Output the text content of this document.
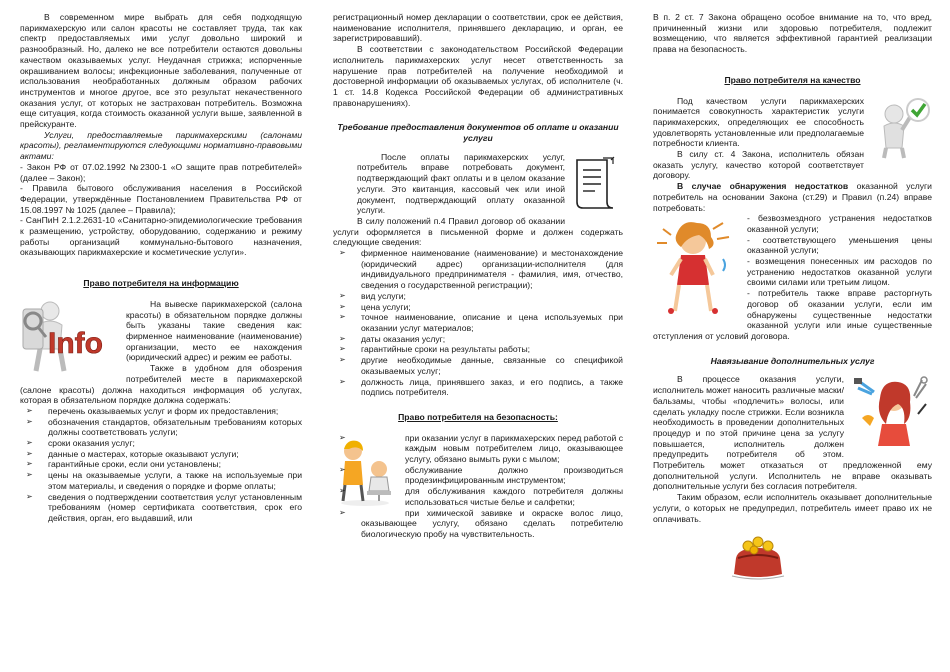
В современном мире выбрать для себя подходящую парикмахерскую или салон красоты не составляет труда, так как спектр предоставляемых ими услуг довольно широкий и разнообразный. Но, далеко не все потребители остаются довольны качеством оказываемых услуг. Неудачная стрижка; испорченные окрашиванием волосы; инфекционные заболевания, полученные от использования необработанных должным образом рабочих инструментов и многое другое, все это результат некачественного оказания услуг, от которых не застрахован потребитель. Возможна еще ситуация, когда стоимость оказанной услуги выше, заявленной в прейскуранте.

Услуги, предоставляемые парикмахерскими (салонами красоты), регламентируются следующими нормативно-правовыми актами:

- Закон РФ от 07.02.1992 №2300-1 «О защите прав потребителей» (далее – Закон);
- Правила бытового обслуживания населения в Российской Федерации, утверждённые Постановлением Правительства РФ от 15.08.1997 № 1025 (далее – Правила);
- СанПиН 2.1.2.2631-10 «Санитарно-эпидемиологические требования к размещению, устройству, оборудованию, содержанию и режиму работы организаций коммунально-бытового назначения, оказывающих парикмахерские и косметические услуги».
Право потребителя на информацию
Info

На вывеске парикмахерской (салона красоты) в обязательном порядке должны быть указаны такие сведения как: фирменное наименование (наименование) организации, место ее нахождения (юридический адрес) и режим ее работы.

Также в удобном для обозрения потребителей месте в парикмахерской (салоне красоты) должна находиться информация об услугах, которая в обязательном порядке должна содержать:

➢ перечень оказываемых услуг и форм их предоставления;
➢ обозначения стандартов, обязательным требованиям которых должны соответствовать услуги;
➢ сроки оказания услуг;
➢ данные о мастерах, которые оказывают услуги;
➢ гарантийные сроки, если они установлены;
➢ цены на оказываемые услуги, а также на используемые при этом материалы, и сведения о порядке и форме оплаты;
➢ сведения о подтверждении соответствия услуг установленным требованиям (номер сертификата соответствия, срок его действия, орган, его выдавший, или

регистрационный номер декларации о соответствии, срок ее действия, наименование исполнителя, принявшего декларацию, и орган, ее зарегистрировавший).

В соответствии с законодательством Российской Федерации исполнитель парикмахерских услуг несет ответственность за нарушение прав потребителей на получение необходимой и достоверной информации об оказываемых услугах, об исполнителе (ч. 1 ст. 14.8 Кодекса Российской Федерации об административных правонарушениях).

Требование предоставления документов об оплате и оказании услуги

После оплаты парикмахерских услуг, потребитель вправе потребовать документ, подтверждающий факт оплаты и в целом оказание услуги. Это квитанция, кассовый чек или иной документ, подтверждающий оплату оказанной услуги.

В силу положений п.4 Правил договор об оказании услуги оформляется в письменной форме и должен содержать следующие сведения:

➢ фирменное наименование (наименование) и местонахождение (юридический адрес) организации-исполнителя (для индивидуального предпринимателя - фамилия, имя, отчество, сведения о государственной регистрации);
➢ вид услуги;
➢ цена услуги;
➢ точное наименование, описание и цена используемых при оказании услуг материалов;
➢ даты оказания услуг;
➢ гарантийные сроки на результаты работы;
➢ другие необходимые данные, связанные со спецификой оказываемых услуг;
➢ должность лица, принявшего заказ, и его подпись, а также подпись потребителя.
Право потребителя на безопасность:
➢ при оказании услуг в парикмахерских перед работой с каждым новым потребителем лицо, оказывающее услугу, обязано вымыть руки с мылом;
➢ обслуживание должно производиться продезинфицированным инструментом;
➢ для обслуживания каждого потребителя должны использоваться чистые белье и салфетки;
➢ при химической завивке и окраске волос лицо, оказывающее услугу, обязано сделать потребителю биологическую пробу на чувствительность.

В п. 2 ст. 7 Закона обращено особое внимание на то, что вред, причиненный жизни или здоровью потребителя, подлежит возмещению, что является эффективной гарантией реализации права на безопасность.

Право потребителя на качество

Под качеством услуги парикмахерских понимается совокупность характеристик услуги парикмахерских, определяющих ее способность удовлетворять установленные или предполагаемые потребности клиента.

В силу ст. 4 Закона, исполнитель обязан оказать услугу, качество которой соответствует договору.

В случае обнаружения недостатков оказанной услуги потребитель на основании Закона (ст.29) и Правил (п.24) вправе потребовать:

- безвозмездного устранения недостатков оказанной услуги;
- соответствующего уменьшения цены оказанной услуги;
- возмещения понесенных им расходов по устранению недостатков оказанной услуги своими силами или третьим лицом.
- потребитель также вправе расторгнуть договор об оказании услуги, если им обнаружены существенные недостатки оказанной услуги или иные существенные отступления от условий договора.
Навязывание дополнительных услуг

В процессе оказания услуги, исполнитель может наносить различные маски/бальзамы, чтобы «подлечить» волосы, или сделать укладку после стрижки. Если возникла необходимость в проведении дополнительных процедур и по этой причине цена за услугу повышается, исполнитель должен предупредить потребителя об этом. Потребитель может отказаться от предложенной ему дополнительной услуги. Исполнитель не вправе оказывать дополнительные услуги без согласия потребителя.

Таким образом, если исполнитель оказывает дополнительные услуги, о которых не предупредил, потребитель имеет право их не оплачивать.
